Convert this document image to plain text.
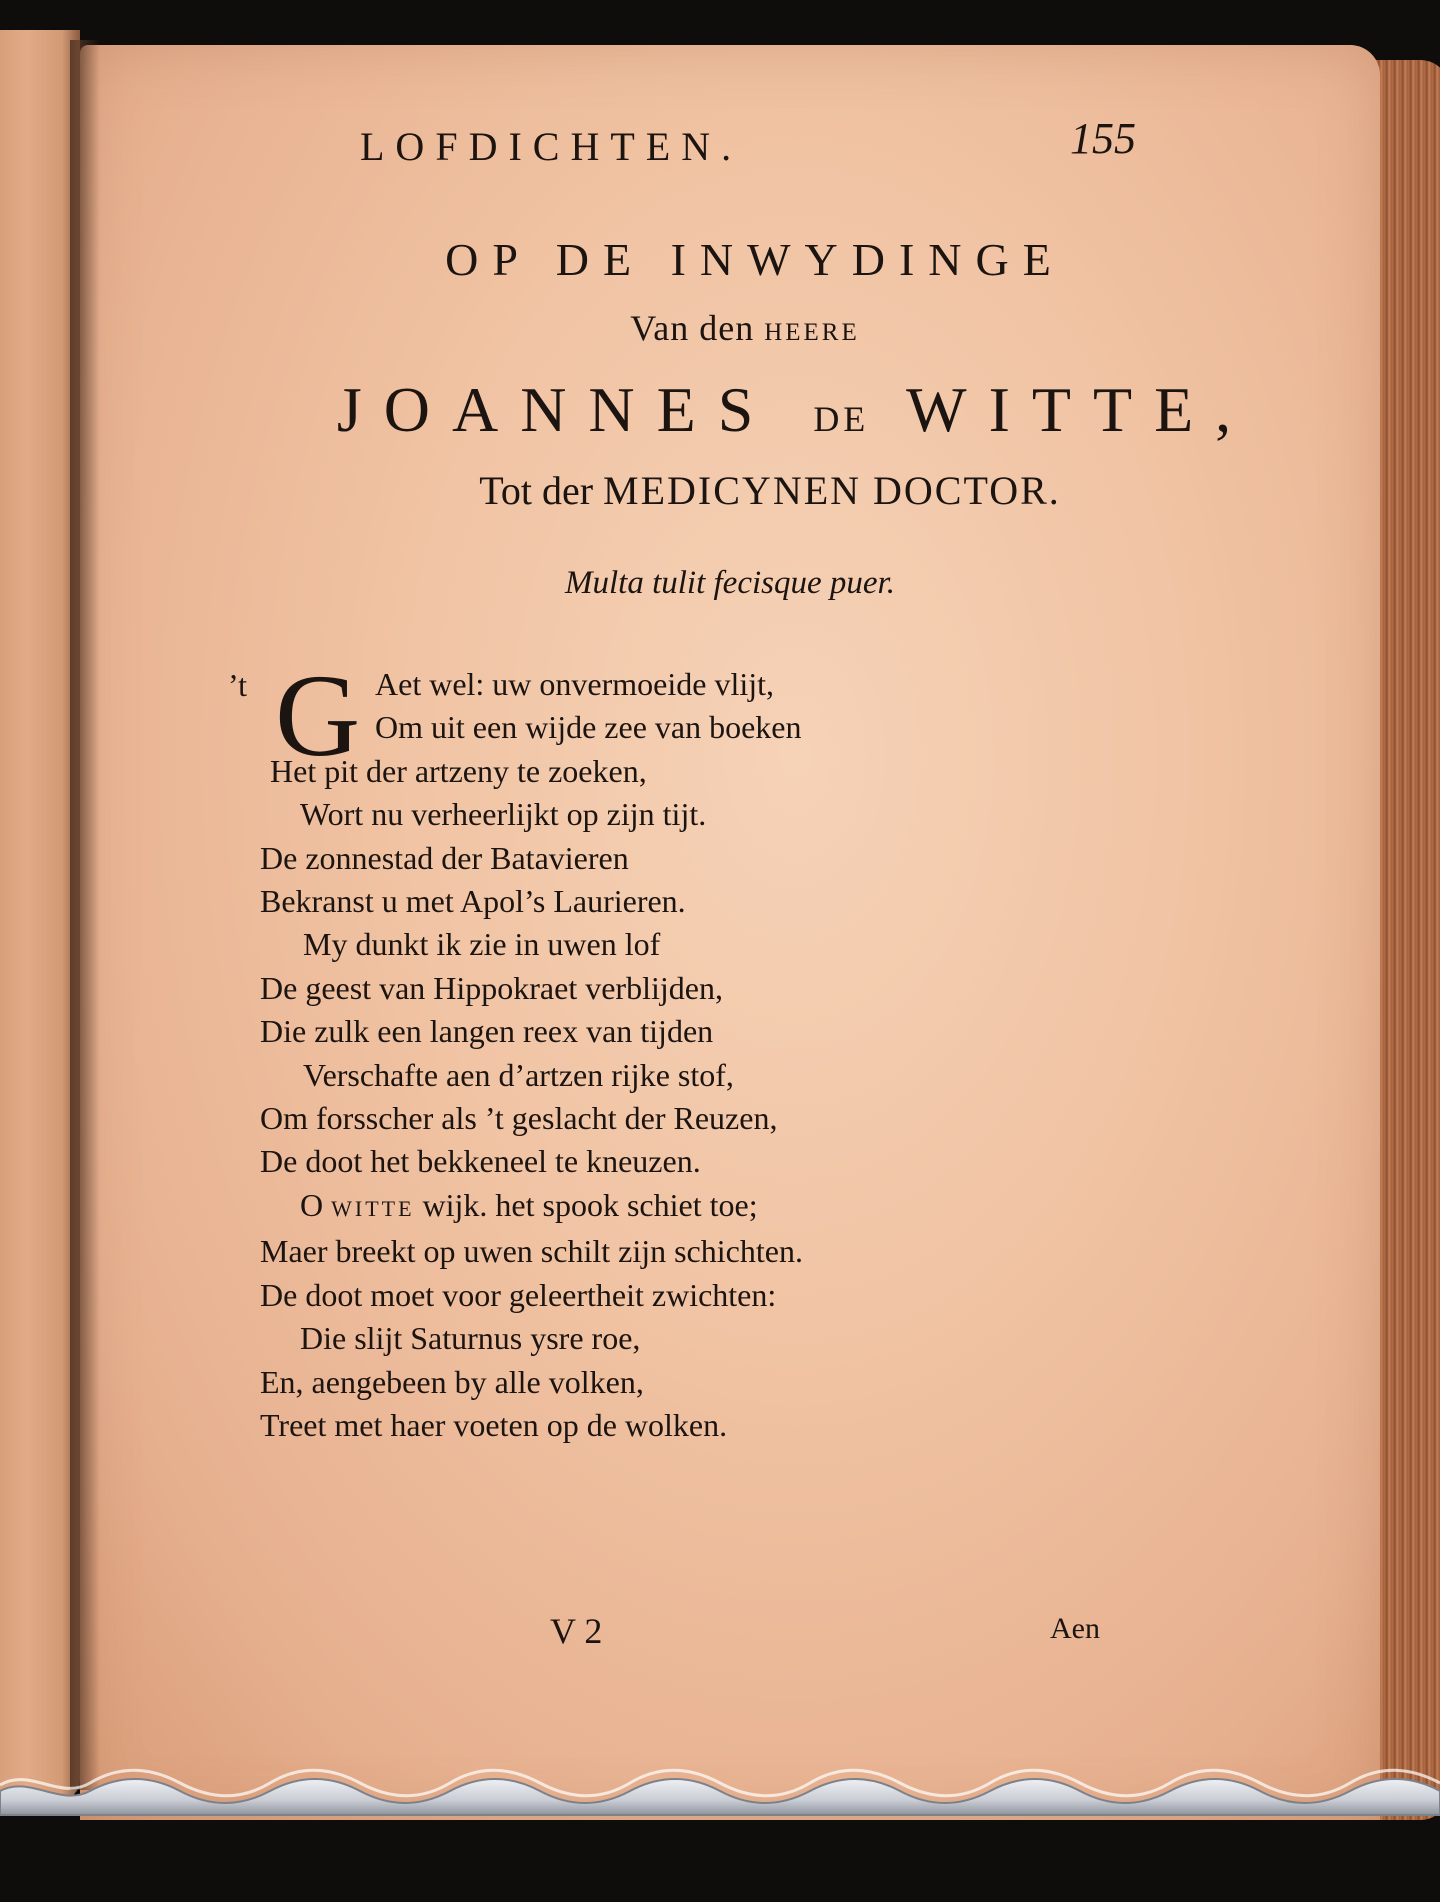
LOFDICHTEN.	155
OP DE INWYDINGE
Van den HEERE
JOANNES DE WITTE,
Tot der MEDICYNEN DOCTOR.
Multa tulit fecisque puer.
’t G Aet wel: uw onvermoeide vlijt,
Om uit een wijde zee van boeken
Het pit der artzeny te zoeken,
Wort nu verheerlijkt op zijn tijt.
De zonnestad der Batavieren
Bekranst u met Apol’s Laurieren.
My dunkt ik zie in uwen lof
De geest van Hippokraet verblijden,
Die zulk een langen reex van tijden
Verschafte aen d’artzen rijke stof,
Om forsscher als ’t geslacht der Reuzen,
De doot het bekkeneel te kneuzen.
O WITTE wijk. het spook schiet toe;
Maer breekt op uwen schilt zijn schichten.
De doot moet voor geleertheit zwichten:
Die slijt Saturnus ysre roe,
En, aengebeen by alle volken,
Treet met haer voeten op de wolken.
V 2	Aen
